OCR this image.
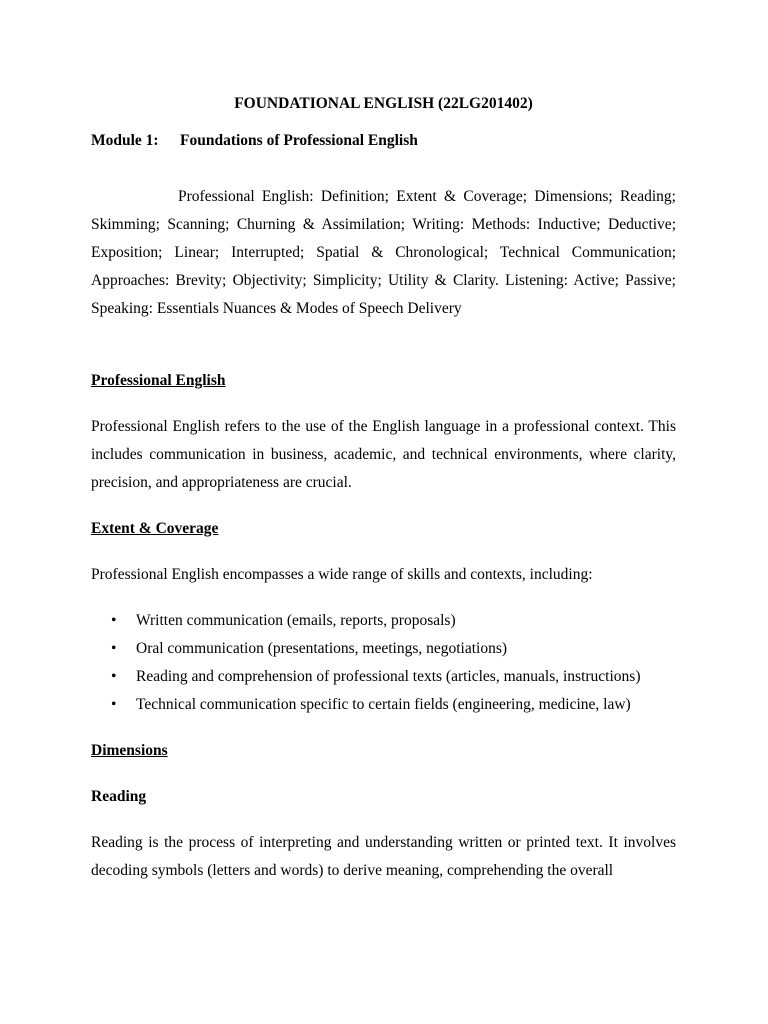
FOUNDATIONAL ENGLISH (22LG201402)
Module 1: Foundations of Professional English

Professional English: Definition; Extent & Coverage; Dimensions; Reading; Skimming; Scanning; Churning & Assimilation; Writing: Methods: Inductive; Deductive; Exposition; Linear; Interrupted; Spatial & Chronological; Technical Communication; Approaches: Brevity; Objectivity; Simplicity; Utility & Clarity. Listening: Active; Passive; Speaking: Essentials Nuances & Modes of Speech Delivery

Professional English

Professional English refers to the use of the English language in a professional context. This includes communication in business, academic, and technical environments, where clarity, precision, and appropriateness are crucial.

Extent & Coverage

Professional English encompasses a wide range of skills and contexts, including:

• Written communication (emails, reports, proposals)
• Oral communication (presentations, meetings, negotiations)
• Reading and comprehension of professional texts (articles, manuals, instructions)
• Technical communication specific to certain fields (engineering, medicine, law)
Dimensions
Reading

Reading is the process of interpreting and understanding written or printed text. It involves decoding symbols (letters and words) to derive meaning, comprehending the overall
